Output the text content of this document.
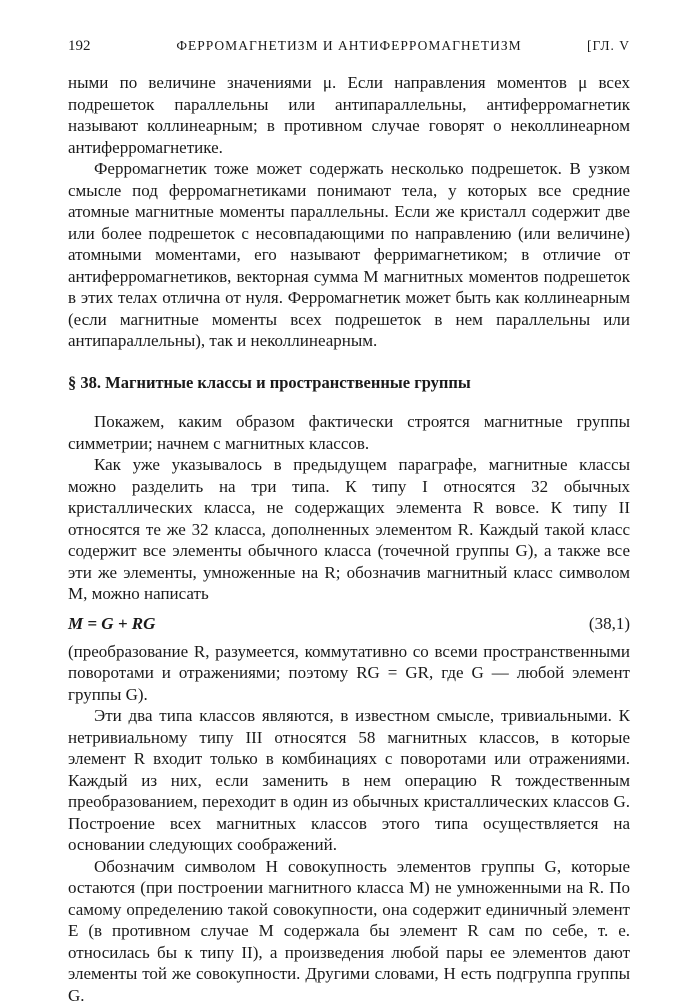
192	ФЕРРОМАГНЕТИЗМ И АНТИФЕРРОМАГНЕТИЗМ	[ГЛ. V

ными по величине значениями μ. Если направления моментов μ всех подрешеток параллельны или антипараллельны, антиферромагнетик называют коллинеарным; в противном случае говорят о неколлинеарном антиферромагнетике.

Ферромагнетик тоже может содержать несколько подрешеток. В узком смысле под ферромагнетиками понимают тела, у которых все средние атомные магнитные моменты параллельны. Если же кристалл содержит две или более подрешеток с несовпадающими по направлению (или величине) атомными моментами, его называют ферримагнетиком; в отличие от антиферромагнетиков, векторная сумма M магнитных моментов подрешеток в этих телах отлична от нуля. Ферромагнетик может быть как коллинеарным (если магнитные моменты всех подрешеток в нем параллельны или антипараллельны), так и неколлинеарным.

§ 38. Магнитные классы и пространственные группы

Покажем, каким образом фактически строятся магнитные группы симметрии; начнем с магнитных классов.

Как уже указывалось в предыдущем параграфе, магнитные классы можно разделить на три типа. К типу I относятся 32 обычных кристаллических класса, не содержащих элемента R вовсе. К типу II относятся те же 32 класса, дополненных элементом R. Каждый такой класс содержит все элементы обычного класса (точечной группы G), а также все эти же элементы, умноженные на R; обозначив магнитный класс символом M, можно написать

M = G + RG	(38,1)

(преобразование R, разумеется, коммутативно со всеми пространственными поворотами и отражениями; поэтому RG = GR, где G — любой элемент группы G).

Эти два типа классов являются, в известном смысле, тривиальными. К нетривиальному типу III относятся 58 магнитных классов, в которые элемент R входит только в комбинациях с поворотами или отражениями. Каждый из них, если заменить в нем операцию R тождественным преобразованием, переходит в один из обычных кристаллических классов G. Построение всех магнитных классов этого типа осуществляется на основании следующих соображений.

Обозначим символом H совокупность элементов группы G, которые остаются (при построении магнитного класса M) не умноженными на R. По самому определению такой совокупности, она содержит единичный элемент E (в противном случае M содержала бы элемент R сам по себе, т. е. относилась бы к типу II), а произведения любой пары ее элементов дают элементы той же совокупности. Другими словами, H есть подгруппа группы G.
